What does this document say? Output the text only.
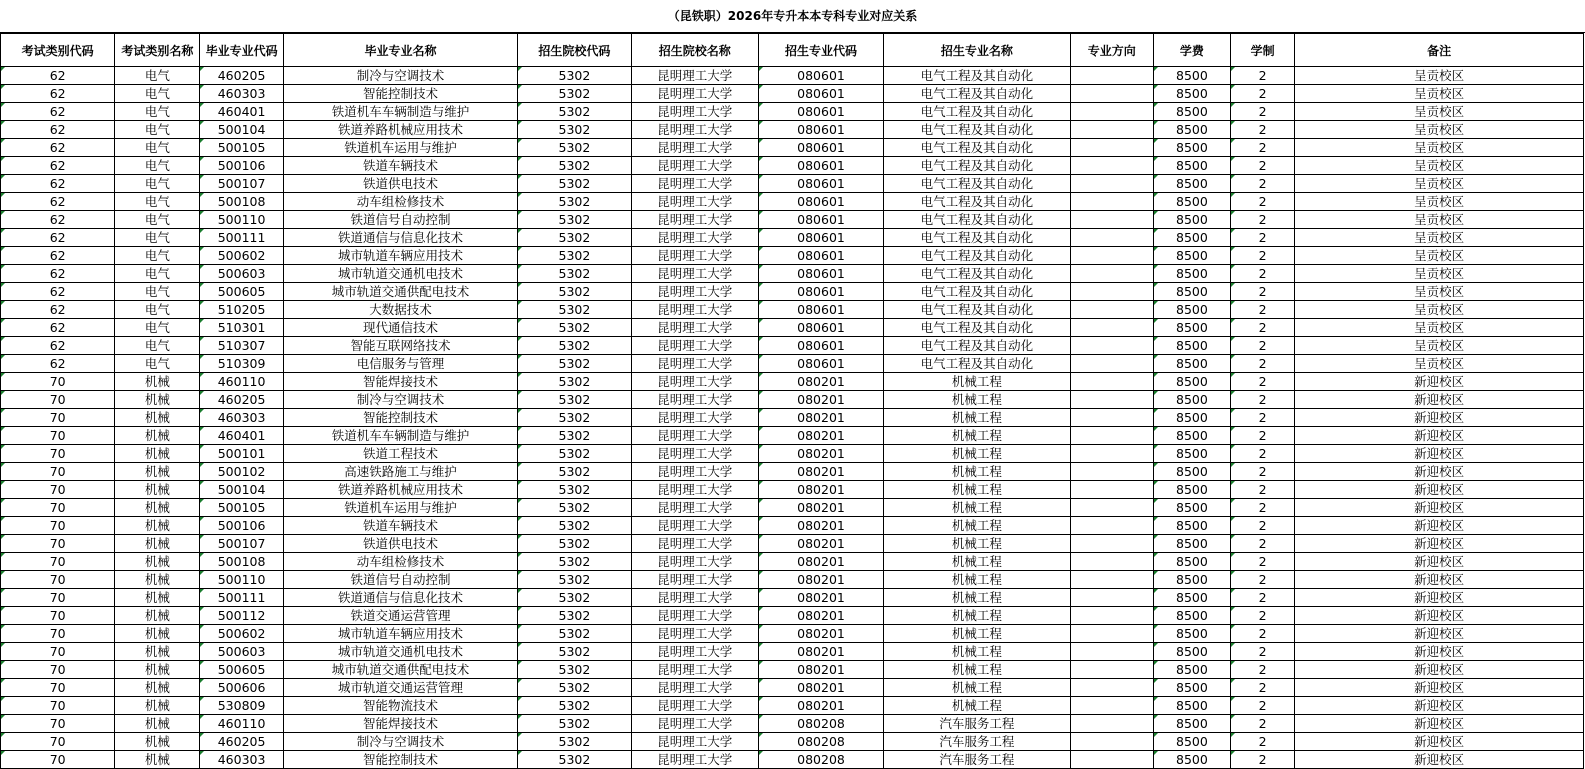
（昆铁职）2026年专升本本专科专业对应关系
考试类别代码	考试类别名称	毕业专业代码	毕业专业名称	招生院校代码	招生院校名称	招生专业代码	招生专业名称	专业方向	学费	学制	备注
62	电气	460205	制冷与空调技术	5302	昆明理工大学	080601	电气工程及其自动化		8500	2	呈贡校区
62	电气	460303	智能控制技术	5302	昆明理工大学	080601	电气工程及其自动化		8500	2	呈贡校区
62	电气	460401	铁道机车车辆制造与维护	5302	昆明理工大学	080601	电气工程及其自动化		8500	2	呈贡校区
62	电气	500104	铁道养路机械应用技术	5302	昆明理工大学	080601	电气工程及其自动化		8500	2	呈贡校区
62	电气	500105	铁道机车运用与维护	5302	昆明理工大学	080601	电气工程及其自动化		8500	2	呈贡校区
62	电气	500106	铁道车辆技术	5302	昆明理工大学	080601	电气工程及其自动化		8500	2	呈贡校区
62	电气	500107	铁道供电技术	5302	昆明理工大学	080601	电气工程及其自动化		8500	2	呈贡校区
62	电气	500108	动车组检修技术	5302	昆明理工大学	080601	电气工程及其自动化		8500	2	呈贡校区
62	电气	500110	铁道信号自动控制	5302	昆明理工大学	080601	电气工程及其自动化		8500	2	呈贡校区
62	电气	500111	铁道通信与信息化技术	5302	昆明理工大学	080601	电气工程及其自动化		8500	2	呈贡校区
62	电气	500602	城市轨道车辆应用技术	5302	昆明理工大学	080601	电气工程及其自动化		8500	2	呈贡校区
62	电气	500603	城市轨道交通机电技术	5302	昆明理工大学	080601	电气工程及其自动化		8500	2	呈贡校区
62	电气	500605	城市轨道交通供配电技术	5302	昆明理工大学	080601	电气工程及其自动化		8500	2	呈贡校区
62	电气	510205	大数据技术	5302	昆明理工大学	080601	电气工程及其自动化		8500	2	呈贡校区
62	电气	510301	现代通信技术	5302	昆明理工大学	080601	电气工程及其自动化		8500	2	呈贡校区
62	电气	510307	智能互联网络技术	5302	昆明理工大学	080601	电气工程及其自动化		8500	2	呈贡校区
62	电气	510309	电信服务与管理	5302	昆明理工大学	080601	电气工程及其自动化		8500	2	呈贡校区
70	机械	460110	智能焊接技术	5302	昆明理工大学	080201	机械工程		8500	2	新迎校区
70	机械	460205	制冷与空调技术	5302	昆明理工大学	080201	机械工程		8500	2	新迎校区
70	机械	460303	智能控制技术	5302	昆明理工大学	080201	机械工程		8500	2	新迎校区
70	机械	460401	铁道机车车辆制造与维护	5302	昆明理工大学	080201	机械工程		8500	2	新迎校区
70	机械	500101	铁道工程技术	5302	昆明理工大学	080201	机械工程		8500	2	新迎校区
70	机械	500102	高速铁路施工与维护	5302	昆明理工大学	080201	机械工程		8500	2	新迎校区
70	机械	500104	铁道养路机械应用技术	5302	昆明理工大学	080201	机械工程		8500	2	新迎校区
70	机械	500105	铁道机车运用与维护	5302	昆明理工大学	080201	机械工程		8500	2	新迎校区
70	机械	500106	铁道车辆技术	5302	昆明理工大学	080201	机械工程		8500	2	新迎校区
70	机械	500107	铁道供电技术	5302	昆明理工大学	080201	机械工程		8500	2	新迎校区
70	机械	500108	动车组检修技术	5302	昆明理工大学	080201	机械工程		8500	2	新迎校区
70	机械	500110	铁道信号自动控制	5302	昆明理工大学	080201	机械工程		8500	2	新迎校区
70	机械	500111	铁道通信与信息化技术	5302	昆明理工大学	080201	机械工程		8500	2	新迎校区
70	机械	500112	铁道交通运营管理	5302	昆明理工大学	080201	机械工程		8500	2	新迎校区
70	机械	500602	城市轨道车辆应用技术	5302	昆明理工大学	080201	机械工程		8500	2	新迎校区
70	机械	500603	城市轨道交通机电技术	5302	昆明理工大学	080201	机械工程		8500	2	新迎校区
70	机械	500605	城市轨道交通供配电技术	5302	昆明理工大学	080201	机械工程		8500	2	新迎校区
70	机械	500606	城市轨道交通运营管理	5302	昆明理工大学	080201	机械工程		8500	2	新迎校区
70	机械	530809	智能物流技术	5302	昆明理工大学	080201	机械工程		8500	2	新迎校区
70	机械	460110	智能焊接技术	5302	昆明理工大学	080208	汽车服务工程		8500	2	新迎校区
70	机械	460205	制冷与空调技术	5302	昆明理工大学	080208	汽车服务工程		8500	2	新迎校区
70	机械	460303	智能控制技术	5302	昆明理工大学	080208	汽车服务工程		8500	2	新迎校区
